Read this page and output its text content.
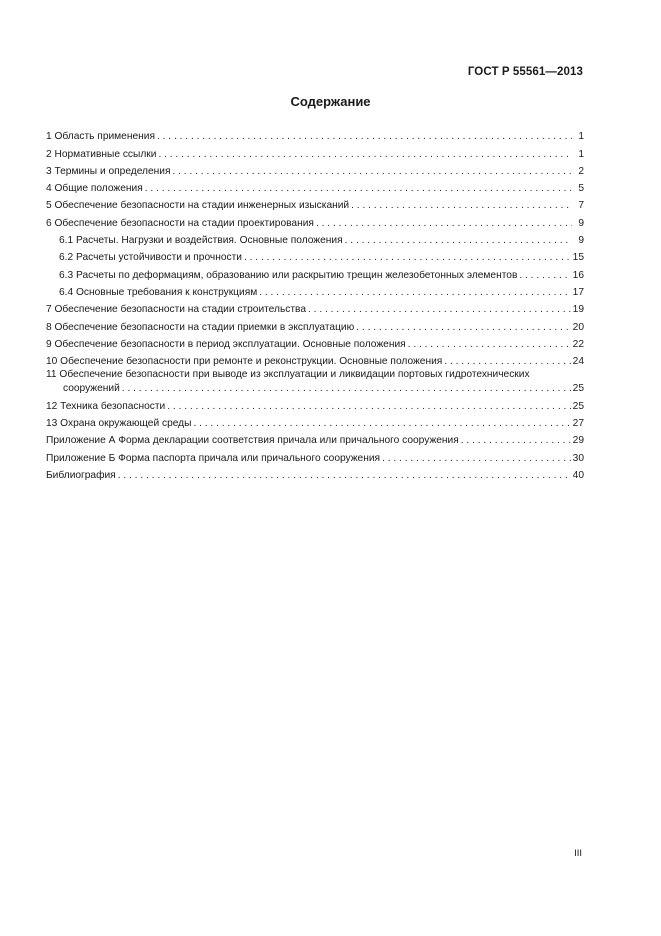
ГОСТ Р 55561—2013
Содержание
1 Область применения . . .	1
2 Нормативные ссылки . . .	1
3 Термины и определения . . .	2
4 Общие положения . . .	5
5 Обеспечение безопасности на стадии инженерных изысканий . . .	7
6 Обеспечение безопасности на стадии проектирования . . .	9
6.1 Расчеты. Нагрузки и воздействия. Основные положения . . .	9
6.2 Расчеты устойчивости и прочности . . .	15
6.3 Расчеты по деформациям, образованию или раскрытию трещин железобетонных элементов . . .	16
6.4 Основные требования к конструкциям . . .	17
7 Обеспечение безопасности на стадии строительства . . .	19
8 Обеспечение безопасности на стадии приемки в эксплуатацию . . .	20
9 Обеспечение безопасности в период эксплуатации. Основные положения . . .	22
10 Обеспечение безопасности при ремонте и реконструкции. Основные положения . . .	24
11 Обеспечение безопасности при выводе из эксплуатации и ликвидации портовых гидротехнических
сооружений . . .	25
12 Техника безопасности . . .	25
13 Охрана окружающей среды . . .	27
Приложение А Форма декларации соответствия причала или причального сооружения . . .	29
Приложение Б Форма паспорта причала или причального сооружения . . .	30
Библиография . . .	40
III
